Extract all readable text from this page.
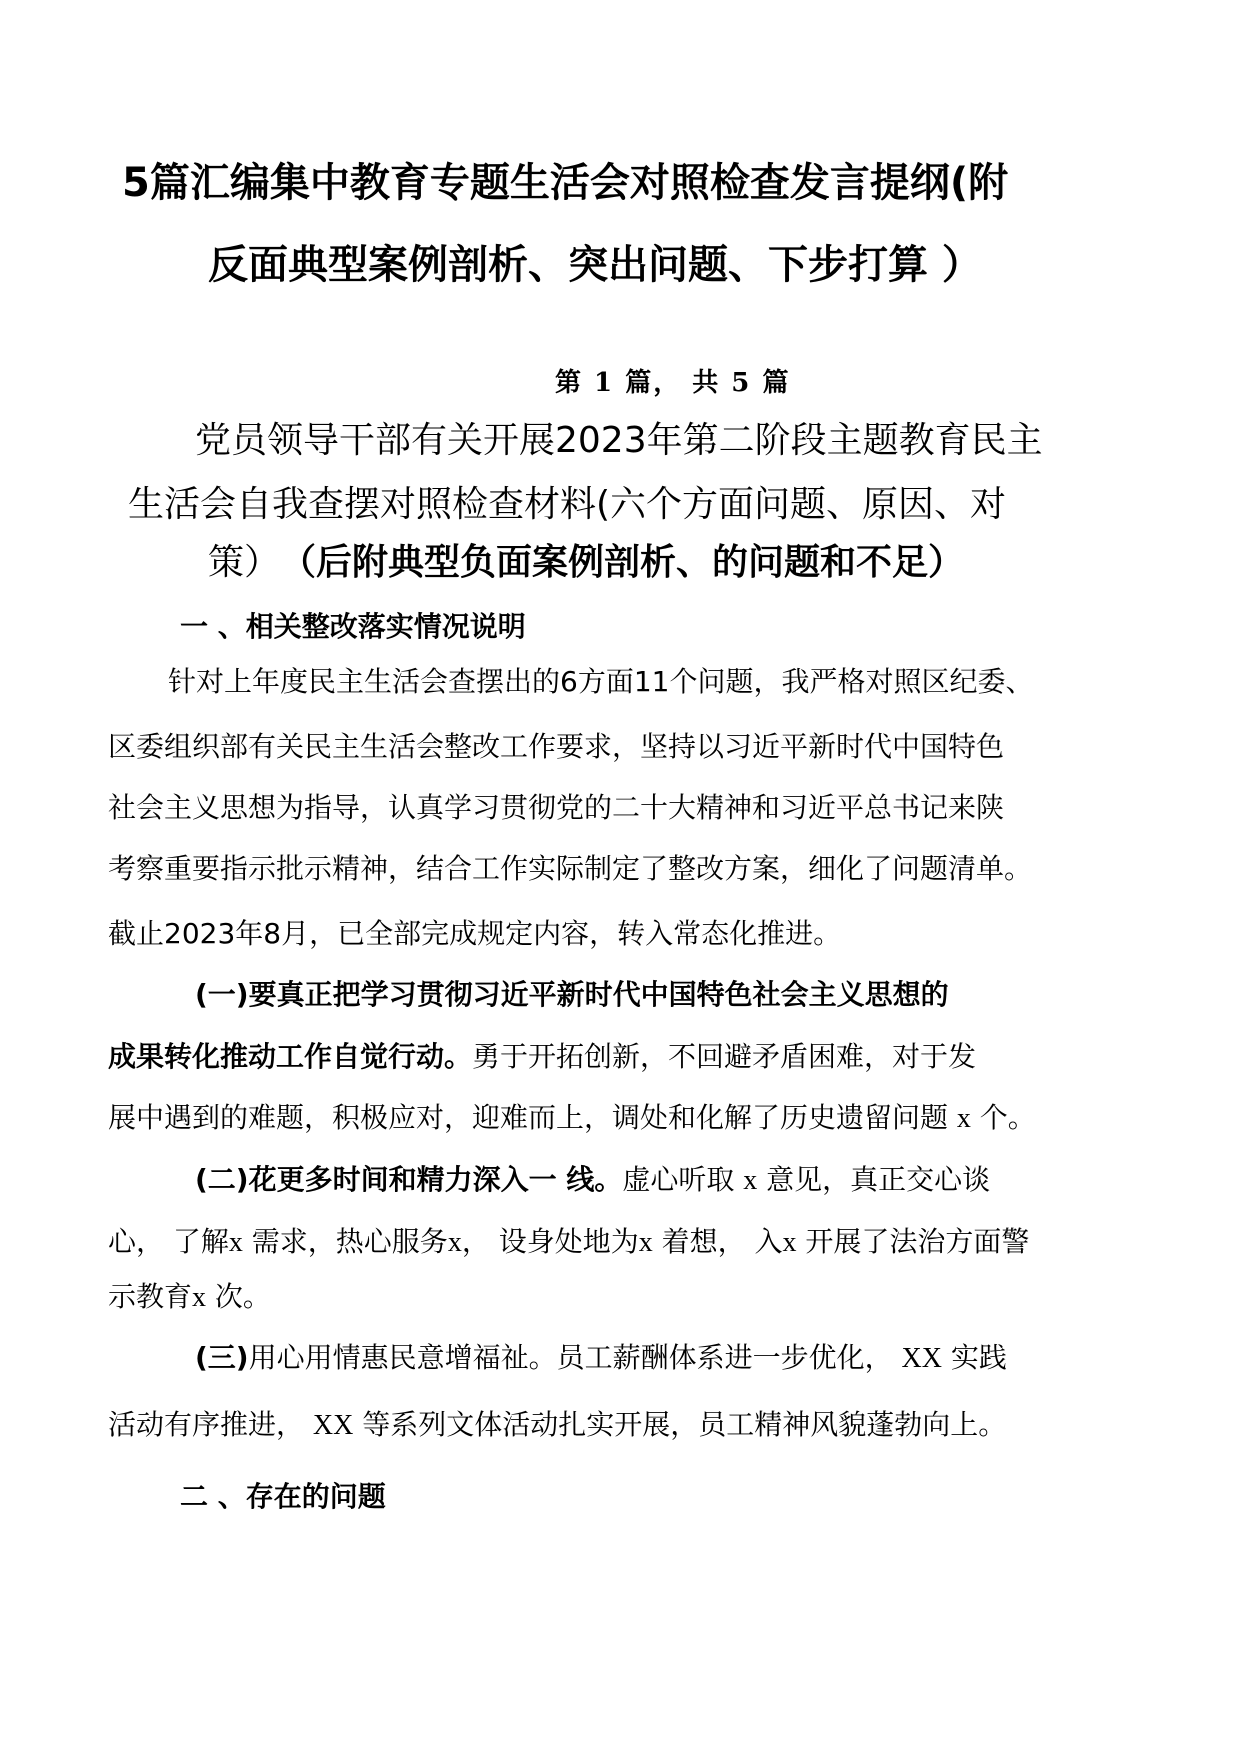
5篇汇编集中教育专题生活会对照检查发言提纲(附
反面典型案例剖析、突出问题、下步打算 ）
第 1 篇， 共 5 篇
党员领导干部有关开展2023年第二阶段主题教育民主
生活会自我查摆对照检查材料(六个方面问题、原因、对
策） （后附典型负面案例剖析、的问题和不足）
一 、相关整改落实情况说明
针对上年度民主生活会查摆出的6方面11个问题，我严格对照区纪委、
区委组织部有关民主生活会整改工作要求，坚持以习近平新时代中国特色
社会主义思想为指导，认真学习贯彻党的二十大精神和习近平总书记来陕
考察重要指示批示精神，结合工作实际制定了整改方案，细化了问题清单。
截止2023年8月，已全部完成规定内容，转入常态化推进。
(一)要真正把学习贯彻习近平新时代中国特色社会主义思想的
成果转化推动工作自觉行动。勇于开拓创新，不回避矛盾困难，对于发
展中遇到的难题，积极应对，迎难而上，调处和化解了历史遗留问题 x 个。
(二)花更多时间和精力深入一 线。虚心听取 x 意见，真正交心谈
心， 了解x 需求，热心服务x， 设身处地为x 着想， 入x 开展了法治方面警
示教育x 次。
(三)用心用情惠民意增福祉。员工薪酬体系进一步优化， XX 实践
活动有序推进， XX 等系列文体活动扎实开展，员工精神风貌蓬勃向上。
二 、存在的问题
